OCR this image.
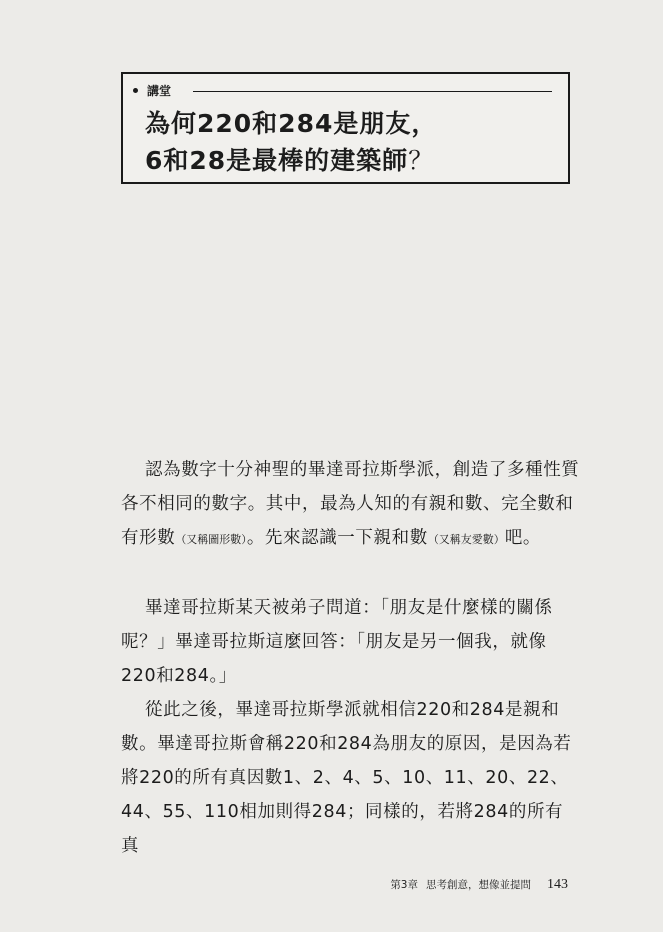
講堂
為何220和284是朋友，
6和28是最棒的建築師？

認為數字十分神聖的畢達哥拉斯學派，創造了多種性質

各不相同的數字。其中，最為人知的有親和數、完全數和

有形數（又稱圖形數）。先來認識一下親和數（又稱友愛數）吧。

畢達哥拉斯某天被弟子問道：「朋友是什麼樣的關係

呢？」畢達哥拉斯這麼回答：「朋友是另一個我，就像

220和284。」

從此之後，畢達哥拉斯學派就相信220和284是親和

數。畢達哥拉斯會稱220和284為朋友的原因，是因為若

將220的所有真因數1、2、4、5、10、11、20、22、

44、55、110相加則得284；同樣的，若將284的所有真

第3章 思考創意，想像並提問 143
